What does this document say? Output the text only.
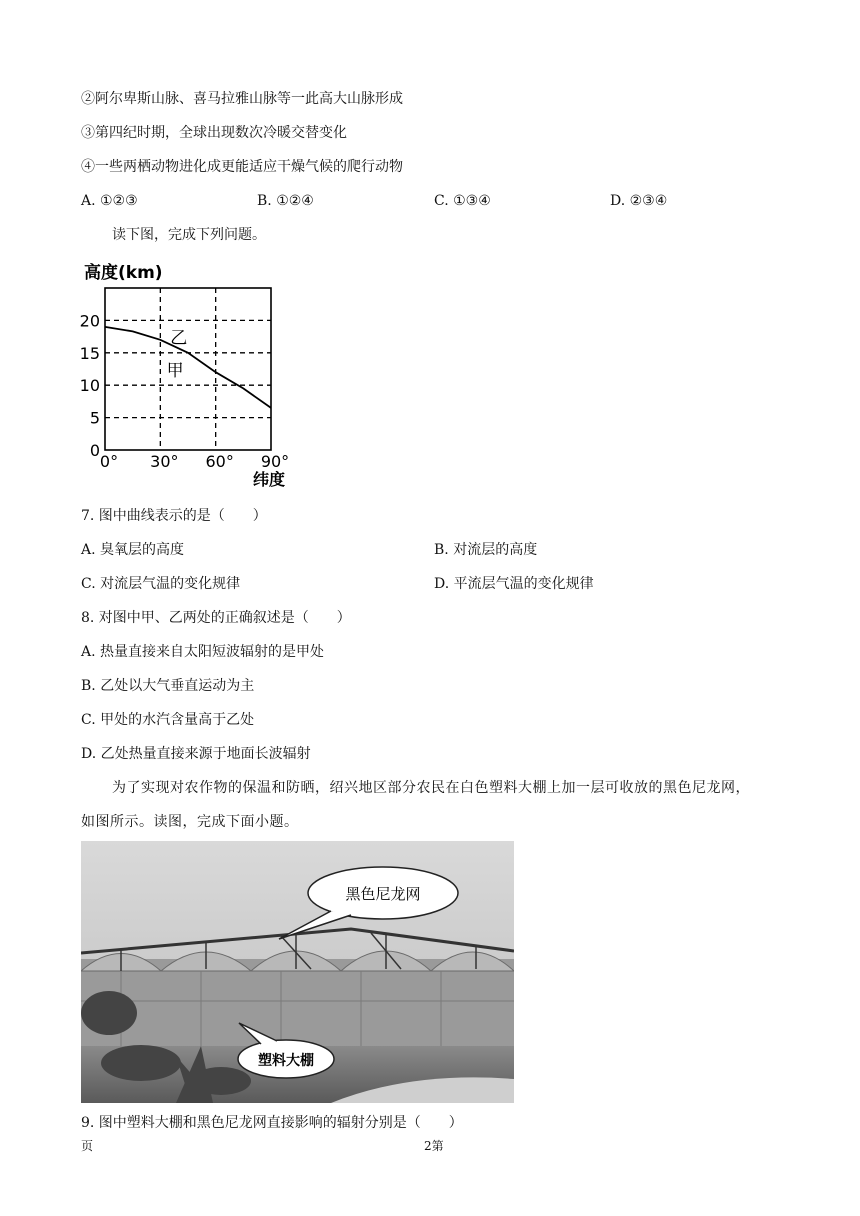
②阿尔卑斯山脉、喜马拉雅山脉等一此高大山脉形成
③第四纪时期，全球出现数次冷暖交替变化
④一些两栖动物进化成更能适应干燥气候的爬行动物
A. ①②③	B. ①②④	C. ①③④	D. ②③④
读下图，完成下列问题。
0
5
10
15
20
0° 30° 60° 90°
乙
甲
高度(km)
纬度
7. 图中曲线表示的是（　　）
A. 臭氧层的高度	B. 对流层的高度
C. 对流层气温的变化规律	D. 平流层气温的变化规律
8. 对图中甲、乙两处的正确叙述是（　　）
A. 热量直接来自太阳短波辐射的是甲处
B. 乙处以大气垂直运动为主
C. 甲处的水汽含量高于乙处
D. 乙处热量直接来源于地面长波辐射
为了实现对农作物的保温和防晒，绍兴地区部分农民在白色塑料大棚上加一层可收放的黑色尼龙网，
如图所示。读图，完成下面小题。
黑色尼龙网
塑料大棚
9. 图中塑料大棚和黑色尼龙网直接影响的辐射分别是（　　）
页	2第
